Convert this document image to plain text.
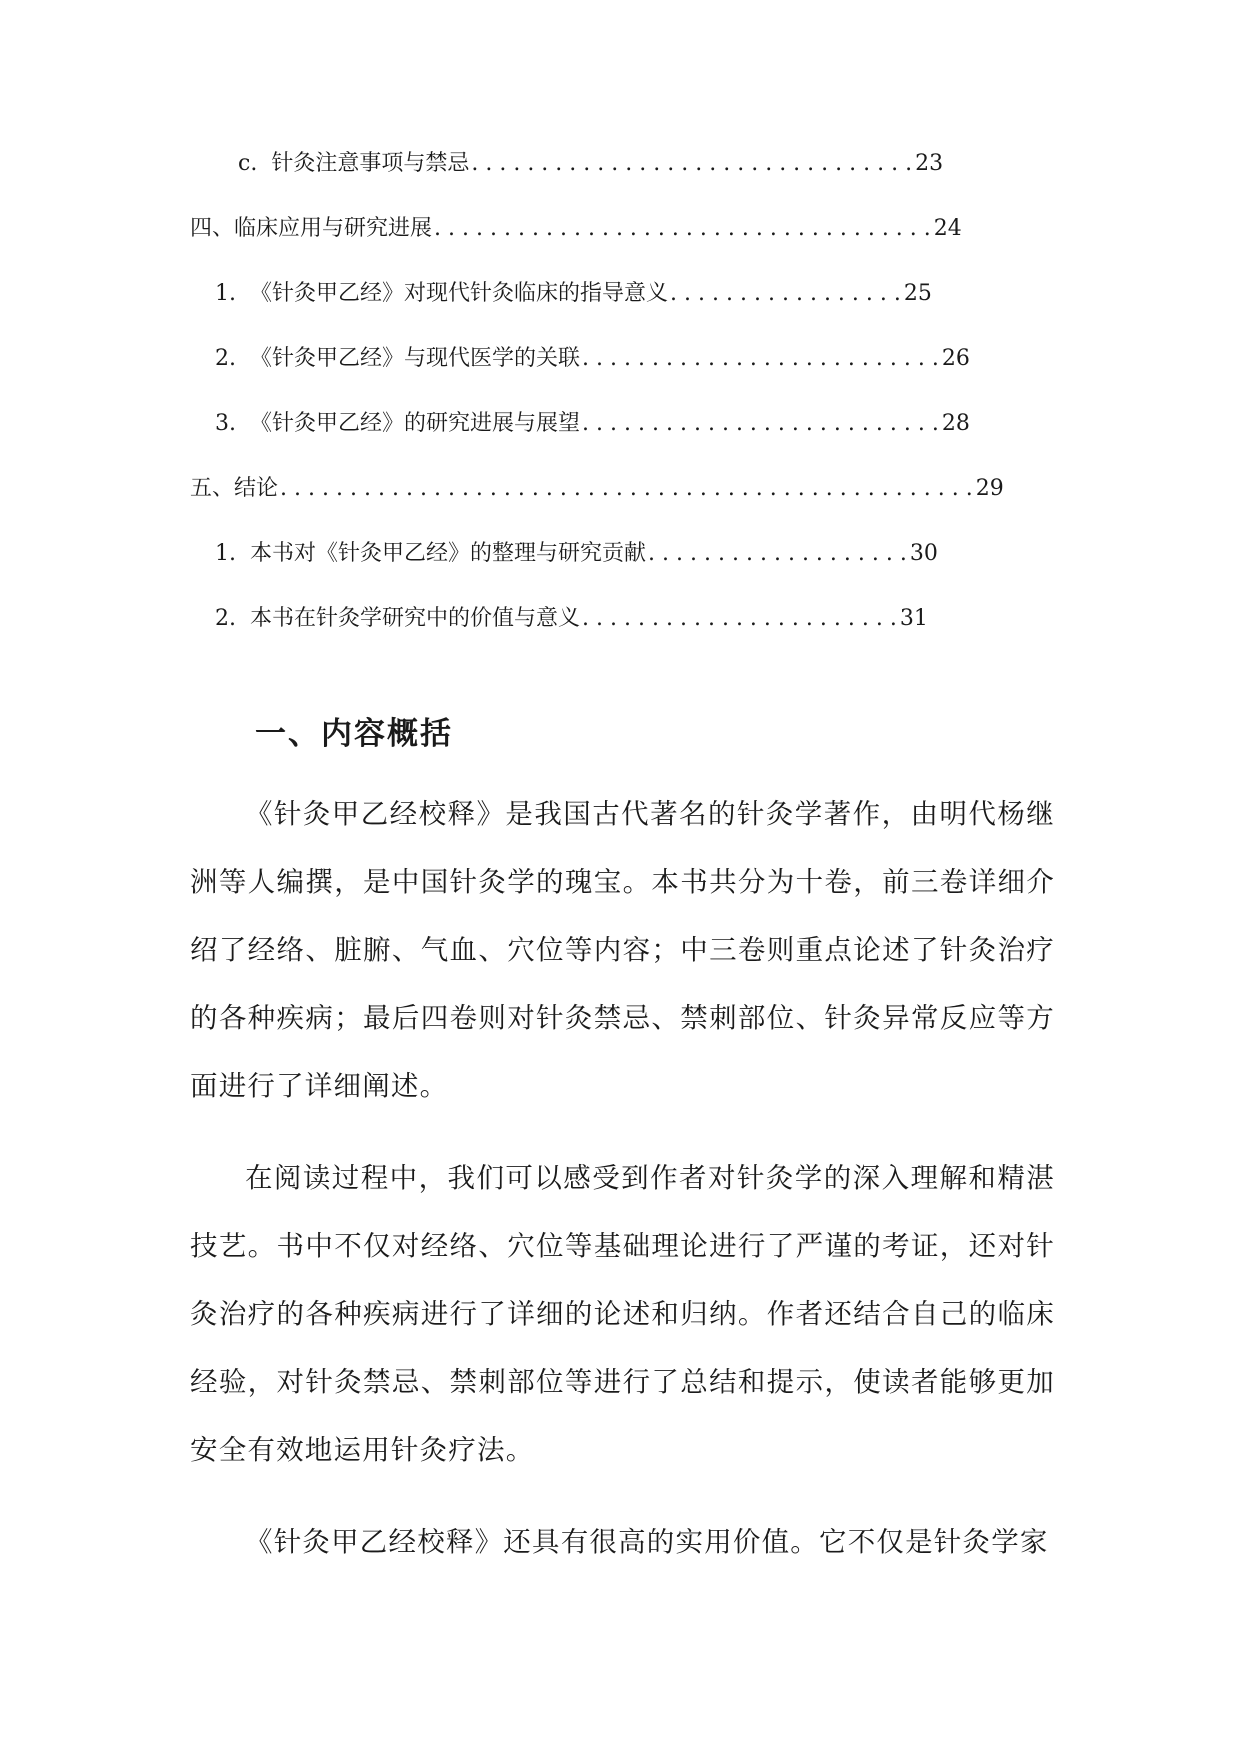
c. 针灸注意事项与禁忌 ................................
23
四、 临床应用与研究进展 ....................................
24
1. 《针灸甲乙经》对现代针灸临床的指导意义 .................
25
2. 《针灸甲乙经》与现代医学的关联 ..........................
26
3. 《针灸甲乙经》的研究进展与展望 ..........................
28
五、 结论 ..................................................
29
1. 本书对《针灸甲乙经》的整理与研究贡献 ...................
30
2. 本书在针灸学研究中的价值与意义 .......................
31
一、内容概括

《针灸甲乙经校释》是我国古代著名的针灸学著作，由明代杨继洲等人编撰，是中国针灸学的瑰宝。本书共分为十卷，前三卷详细介绍了经络、脏腑、气血、穴位等内容；中三卷则重点论述了针灸治疗的各种疾病；最后四卷则对针灸禁忌、禁刺部位、针灸异常反应等方面进行了详细阐述。

在阅读过程中，我们可以感受到作者对针灸学的深入理解和精湛技艺。书中不仅对经络、穴位等基础理论进行了严谨的考证，还对针灸治疗的各种疾病进行了详细的论述和归纳。作者还结合自己的临床经验，对针灸禁忌、禁刺部位等进行了总结和提示，使读者能够更加安全有效地运用针灸疗法。

《针灸甲乙经校释》还具有很高的实用价值。它不仅是针灸学家
